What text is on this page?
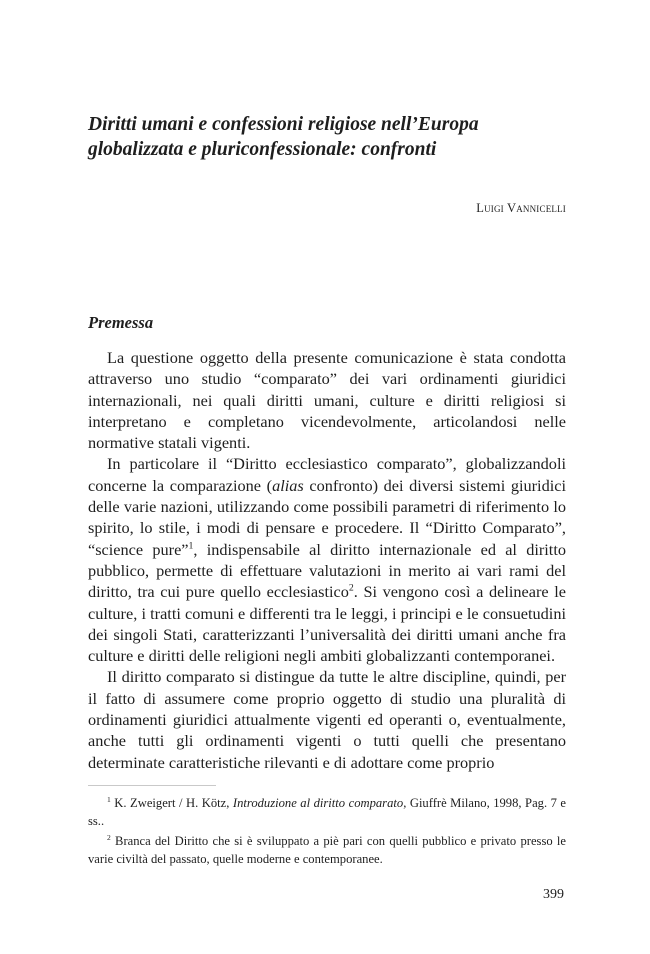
Diritti umani e confessioni religiose nell’Europa globalizzata e pluriconfessionale: confronti
Luigi Vannicelli
Premessa

La questione oggetto della presente comunicazione è stata condotta attraverso uno studio “comparato” dei vari ordinamenti giuridici internazionali, nei quali diritti umani, culture e diritti religiosi si interpretano e completano vicendevolmente, articolandosi nelle normative statali vigenti.

In particolare il “Diritto ecclesiastico comparato”, globalizzandoli concerne la comparazione (alias confronto) dei diversi sistemi giuridici delle varie nazioni, utilizzando come possibili parametri di riferimento lo spirito, lo stile, i modi di pensare e procedere. Il “Diritto Comparato”, “science pure”$^1$, indispensabile al diritto internazionale ed al diritto pubblico, permette di effettuare valutazioni in merito ai vari rami del diritto, tra cui pure quello ecclesiastico$^2$. Si vengono così a delineare le culture, i tratti comuni e differenti tra le leggi, i principi e le consuetudini dei singoli Stati, caratterizzanti l’universalità dei diritti umani anche fra culture e diritti delle religioni negli ambiti globalizzanti contemporanei.

Il diritto comparato si distingue da tutte le altre discipline, quindi, per il fatto di assumere come proprio oggetto di studio una pluralità di ordinamenti giuridici attualmente vigenti ed operanti o, eventualmente, anche tutti gli ordinamenti vigenti o tutti quelli che presentano determinate caratteristiche rilevanti e di adottare come proprio

$^1$ K. Zweigert / H. Kötz, Introduzione al diritto comparato, Giuffrè Milano, 1998, Pag. 7 e ss..

$^2$ Branca del Diritto che si è sviluppato a piè pari con quelli pubblico e privato presso le varie civiltà del passato, quelle moderne e contemporanee.

399
